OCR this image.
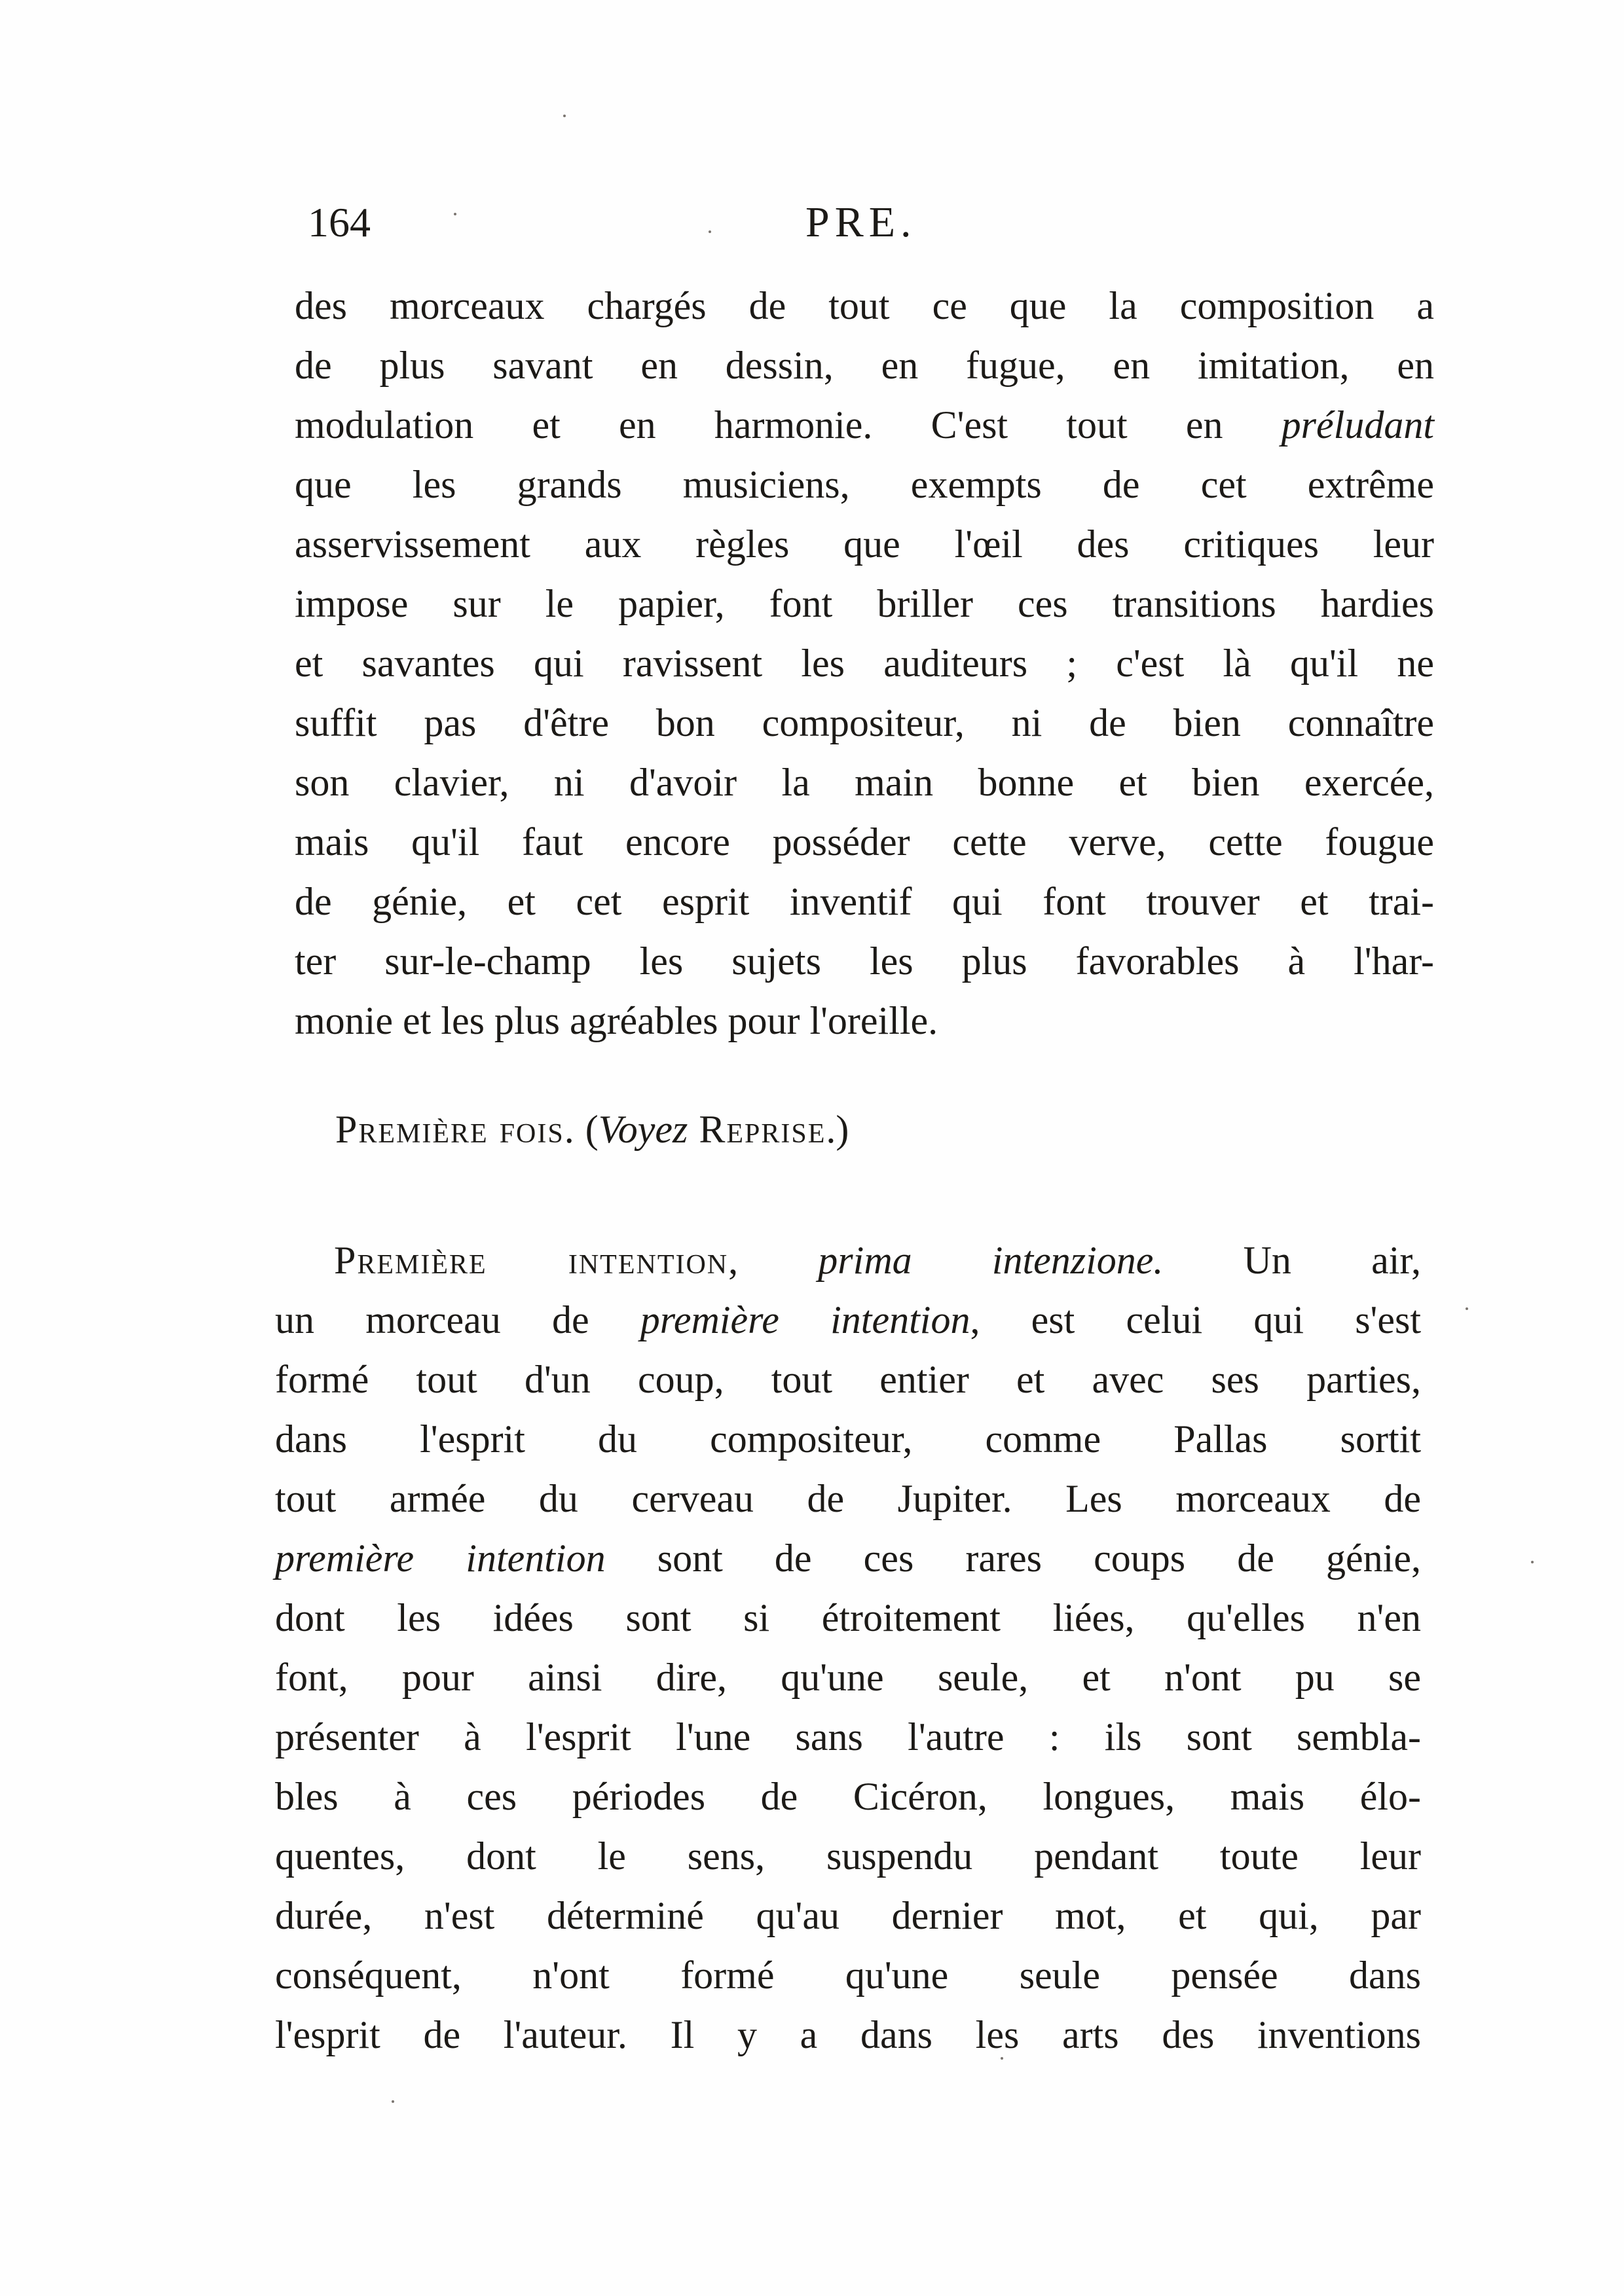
164	PRE.
des morceaux chargés de tout ce que la composition a
de plus savant en dessin, en fugue, en imitation, en
modulation et en harmonie. C'est tout en préludant
que les grands musiciens, exempts de cet extrême
asservissement aux règles que l'œil des critiques leur
impose sur le papier, font briller ces transitions hardies
et savantes qui ravissent les auditeurs ; c'est là qu'il ne
suffit pas d'être bon compositeur, ni de bien connaître
son clavier, ni d'avoir la main bonne et bien exercée,
mais qu'il faut encore posséder cette verve, cette fougue
de génie, et cet esprit inventif qui font trouver et trai-
ter sur-le-champ les sujets les plus favorables à l'har-
monie et les plus agréables pour l'oreille.
Première fois. (Voyez Reprise.)
Première intention, prima intenzione. Un air,
un morceau de première intention, est celui qui s'est
formé tout d'un coup, tout entier et avec ses parties,
dans l'esprit du compositeur, comme Pallas sortit
tout armée du cerveau de Jupiter. Les morceaux de
première intention sont de ces rares coups de génie,
dont les idées sont si étroitement liées, qu'elles n'en
font, pour ainsi dire, qu'une seule, et n'ont pu se
présenter à l'esprit l'une sans l'autre : ils sont sembla-
bles à ces périodes de Cicéron, longues, mais élo-
quentes, dont le sens, suspendu pendant toute leur
durée, n'est déterminé qu'au dernier mot, et qui, par
conséquent, n'ont formé qu'une seule pensée dans
l'esprit de l'auteur. Il y a dans les arts des inventions
